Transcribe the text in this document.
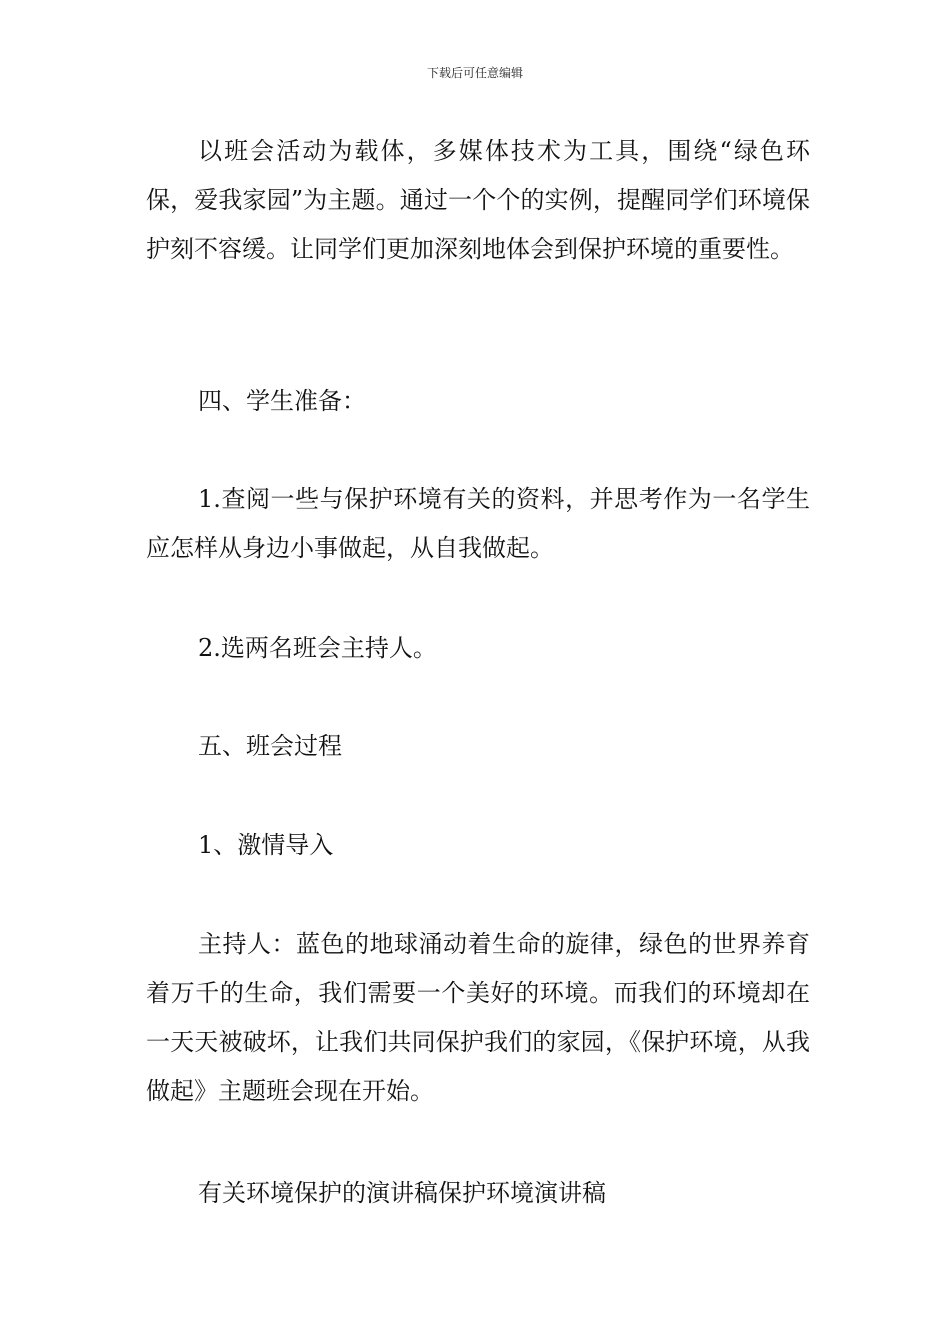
下载后可任意编辑

以班会活动为载体，多媒体技术为工具，围绕“绿色环保，爱我家园”为主题。通过一个个的实例，提醒同学们环境保护刻不容缓。让同学们更加深刻地体会到保护环境的重要性。

四、学生准备：

1.查阅一些与保护环境有关的资料，并思考作为一名学生应怎样从身边小事做起，从自我做起。

2.选两名班会主持人。

五、班会过程

1、激情导入

主持人：蓝色的地球涌动着生命的旋律，绿色的世界养育着万千的生命，我们需要一个美好的环境。而我们的环境却在一天天被破坏，让我们共同保护我们的家园，《保护环境，从我做起》主题班会现在开始。

有关环境保护的演讲稿保护环境演讲稿
